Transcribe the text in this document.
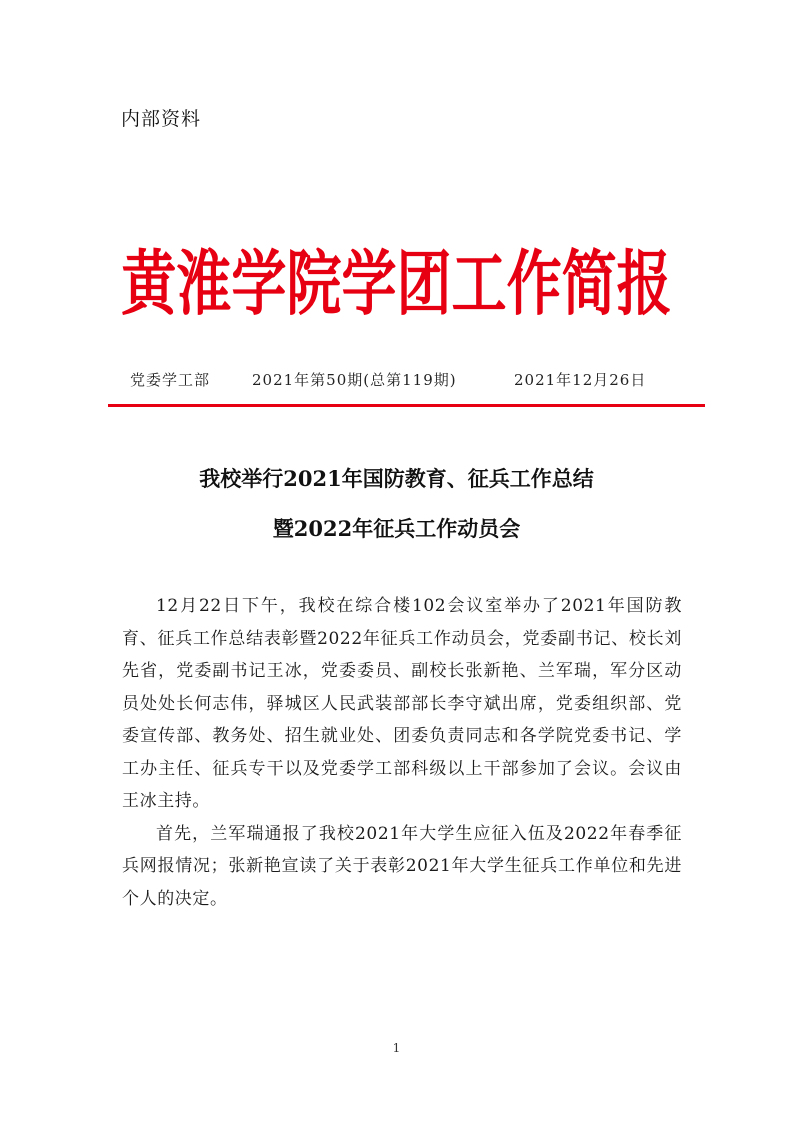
内部资料
黄淮学院学团工作简报
党委学工部	2021年第50期(总第119期)	2021年12月26日
我校举行2021年国防教育、征兵工作总结
暨2022年征兵工作动员会

12月22日下午，我校在综合楼102会议室举办了2021年国防教育、征兵工作总结表彰暨2022年征兵工作动员会，党委副书记、校长刘先省，党委副书记王冰，党委委员、副校长张新艳、兰军瑞，军分区动员处处长何志伟，驿城区人民武装部部长李守斌出席，党委组织部、党委宣传部、教务处、招生就业处、团委负责同志和各学院党委书记、学工办主任、征兵专干以及党委学工部科级以上干部参加了会议。会议由王冰主持。

首先，兰军瑞通报了我校2021年大学生应征入伍及2022年春季征兵网报情况；张新艳宣读了关于表彰2021年大学生征兵工作单位和先进个人的决定。

1
